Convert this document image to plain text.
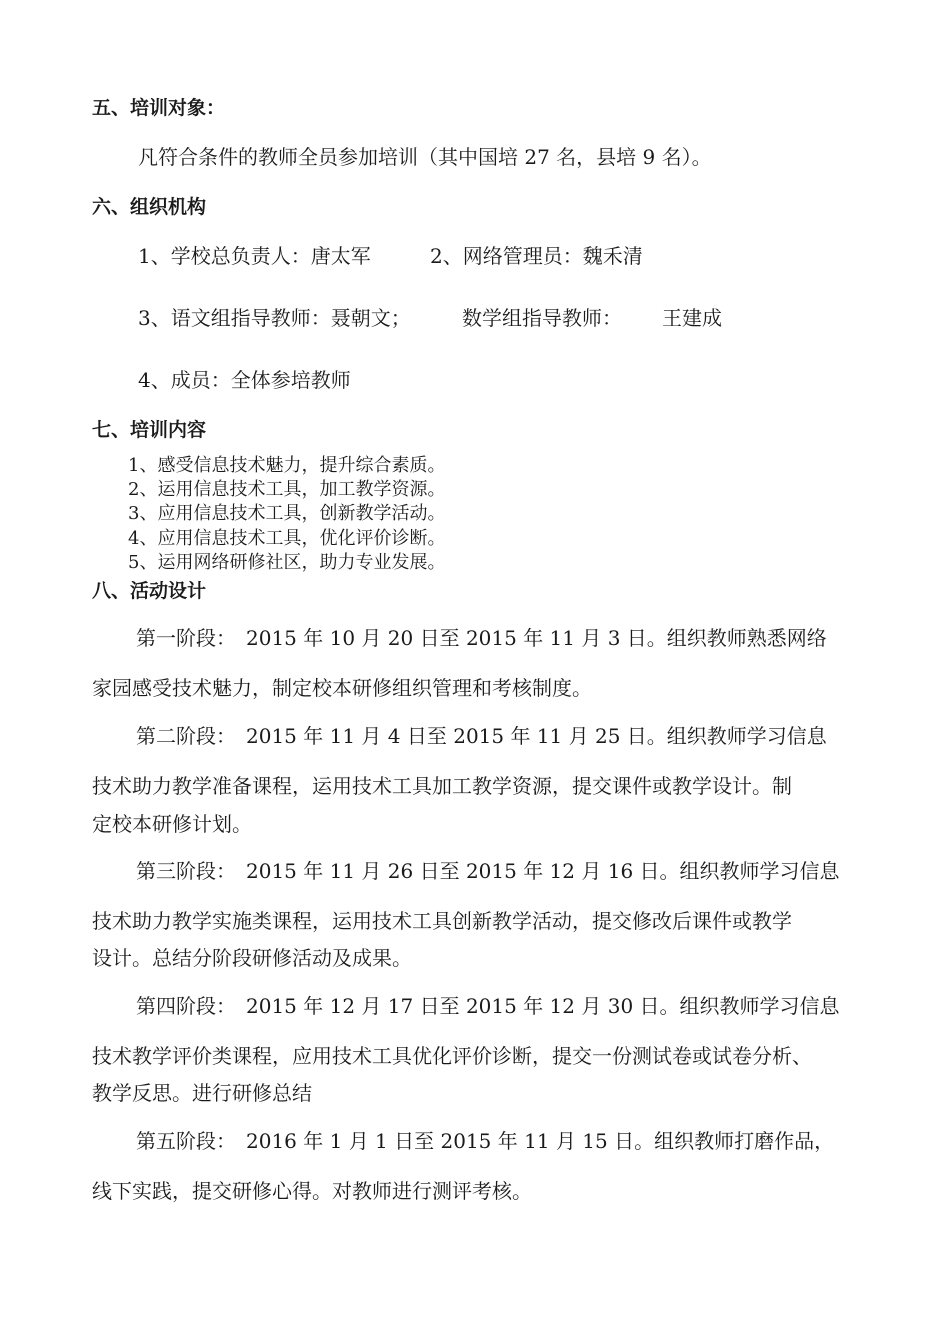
五、培训对象：
凡符合条件的教师全员参加培训（其中国培 27 名，县培 9 名）。
六、组织机构
1、学校总负责人：唐太军	2、网络管理员：魏禾清
3、语文组指导教师：聂朝文；	数学组指导教师： 王建成
4、成员：全体参培教师
七、培训内容
1、感受信息技术魅力，提升综合素质。
2、运用信息技术工具，加工教学资源。
3、应用信息技术工具，创新教学活动。
4、应用信息技术工具，优化评价诊断。
5、运用网络研修社区，助力专业发展。
八、活动设计
第一阶段：　2015 年 10 月 20 日至 2015 年 11 月 3 日。组织教师熟悉网络
家园感受技术魅力，制定校本研修组织管理和考核制度。
第二阶段：　2015 年 11 月 4 日至 2015 年 11 月 25 日。组织教师学习信息
技术助力教学准备课程，运用技术工具加工教学资源，提交课件或教学设计。制
定校本研修计划。
第三阶段：　2015 年 11 月 26 日至 2015 年 12 月 16 日。组织教师学习信息
技术助力教学实施类课程，运用技术工具创新教学活动，提交修改后课件或教学
设计。总结分阶段研修活动及成果。
第四阶段：　2015 年 12 月 17 日至 2015 年 12 月 30 日。组织教师学习信息
技术教学评价类课程，应用技术工具优化评价诊断，提交一份测试卷或试卷分析、
教学反思。进行研修总结
第五阶段：　2016 年 1 月 1 日至 2015 年 11 月 15 日。组织教师打磨作品，
线下实践，提交研修心得。对教师进行测评考核。
